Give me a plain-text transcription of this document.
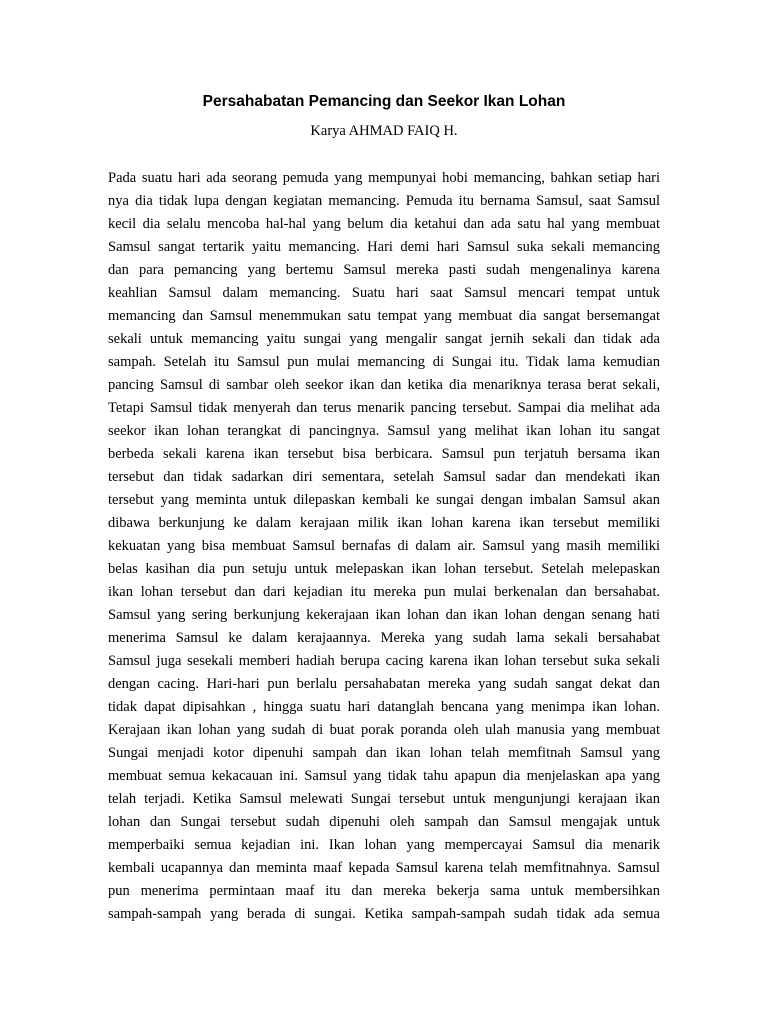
Persahabatan Pemancing dan Seekor Ikan Lohan

Karya AHMAD FAIQ H.

Pada suatu hari ada seorang pemuda yang mempunyai hobi memancing, bahkan setiap hari
nya dia tidak lupa dengan kegiatan memancing. Pemuda itu bernama Samsul, saat Samsul
kecil dia selalu mencoba hal-hal yang belum dia ketahui dan ada satu hal yang membuat
Samsul sangat tertarik yaitu memancing. Hari demi hari Samsul suka sekali memancing
dan para pemancing yang bertemu Samsul mereka pasti sudah mengenalinya karena
keahlian Samsul dalam memancing. Suatu hari saat Samsul mencari tempat untuk
memancing dan Samsul menemmukan satu tempat yang membuat dia sangat bersemangat
sekali untuk memancing yaitu sungai yang mengalir sangat jernih sekali dan tidak ada
sampah. Setelah itu Samsul pun mulai memancing di Sungai itu. Tidak lama kemudian
pancing Samsul di sambar oleh seekor ikan dan ketika dia menariknya terasa berat sekali,
Tetapi Samsul tidak menyerah dan terus menarik pancing tersebut. Sampai dia melihat ada
seekor ikan lohan terangkat di pancingnya. Samsul yang melihat ikan lohan itu sangat
berbeda sekali karena ikan tersebut bisa berbicara. Samsul pun terjatuh bersama ikan
tersebut dan tidak sadarkan diri sementara, setelah Samsul sadar dan mendekati ikan
tersebut yang meminta untuk dilepaskan kembali ke sungai dengan imbalan Samsul akan
dibawa berkunjung ke dalam kerajaan milik ikan lohan karena ikan tersebut memiliki
kekuatan yang bisa membuat Samsul bernafas di dalam air. Samsul yang masih memiliki
belas kasihan dia pun setuju untuk melepaskan ikan lohan tersebut. Setelah melepaskan
ikan lohan tersebut dan dari kejadian itu mereka pun mulai berkenalan dan bersahabat.
Samsul yang sering berkunjung kekerajaan ikan lohan dan ikan lohan dengan senang hati
menerima Samsul ke dalam kerajaannya. Mereka yang sudah lama sekali bersahabat
Samsul juga sesekali memberi hadiah berupa cacing karena ikan lohan tersebut suka sekali
dengan cacing. Hari-hari pun berlalu persahabatan mereka yang sudah sangat dekat dan
tidak dapat dipisahkan , hingga suatu hari datanglah bencana yang menimpa ikan lohan.
Kerajaan ikan lohan yang sudah di buat porak poranda oleh ulah manusia yang membuat
Sungai menjadi kotor dipenuhi sampah dan ikan lohan telah memfitnah Samsul yang
membuat semua kekacauan ini. Samsul yang tidak tahu apapun dia menjelaskan apa yang
telah terjadi. Ketika Samsul melewati Sungai tersebut untuk mengunjungi kerajaan ikan
lohan dan Sungai tersebut sudah dipenuhi oleh sampah dan Samsul mengajak untuk
memperbaiki semua kejadian ini. Ikan lohan yang mempercayai Samsul dia menarik
kembali ucapannya dan meminta maaf kepada Samsul karena telah memfitnahnya. Samsul
pun menerima permintaan maaf itu dan mereka bekerja sama untuk membersihkan
sampah-sampah yang berada di sungai. Ketika sampah-sampah sudah tidak ada semua
